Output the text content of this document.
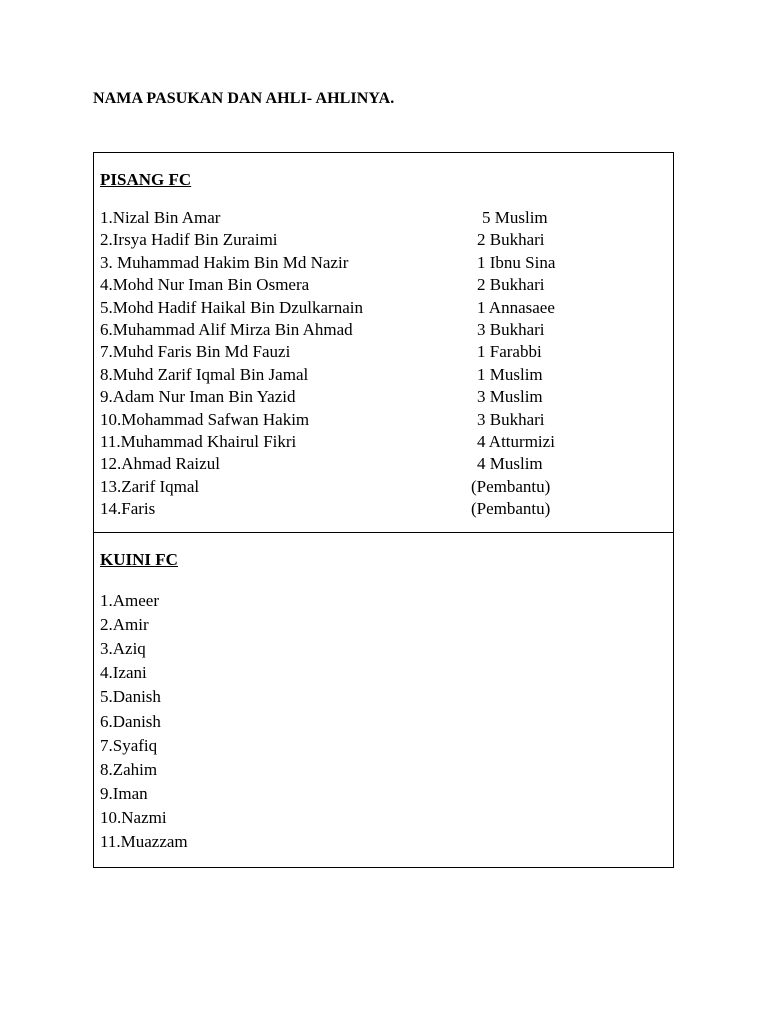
NAMA PASUKAN DAN AHLI- AHLINYA.
PISANG FC
1.Nizal Bin Amar	5 Muslim
2.Irsya Hadif Bin Zuraimi	2 Bukhari
3. Muhammad Hakim Bin Md Nazir	1 Ibnu Sina
4.Mohd Nur Iman Bin Osmera	2 Bukhari
5.Mohd Hadif Haikal Bin Dzulkarnain	1 Annasaee
6.Muhammad Alif Mirza Bin Ahmad	3 Bukhari
7.Muhd Faris Bin Md Fauzi	1 Farabbi
8.Muhd Zarif Iqmal Bin Jamal	1 Muslim
9.Adam Nur Iman Bin Yazid	3 Muslim
10.Mohammad Safwan Hakim	3 Bukhari
11.Muhammad Khairul Fikri	4 Atturmizi
12.Ahmad Raizul	4 Muslim
13.Zarif Iqmal	(Pembantu)
14.Faris	(Pembantu)
KUINI FC
1.Ameer
2.Amir
3.Aziq
4.Izani
5.Danish
6.Danish
7.Syafiq
8.Zahim
9.Iman
10.Nazmi
11.Muazzam
